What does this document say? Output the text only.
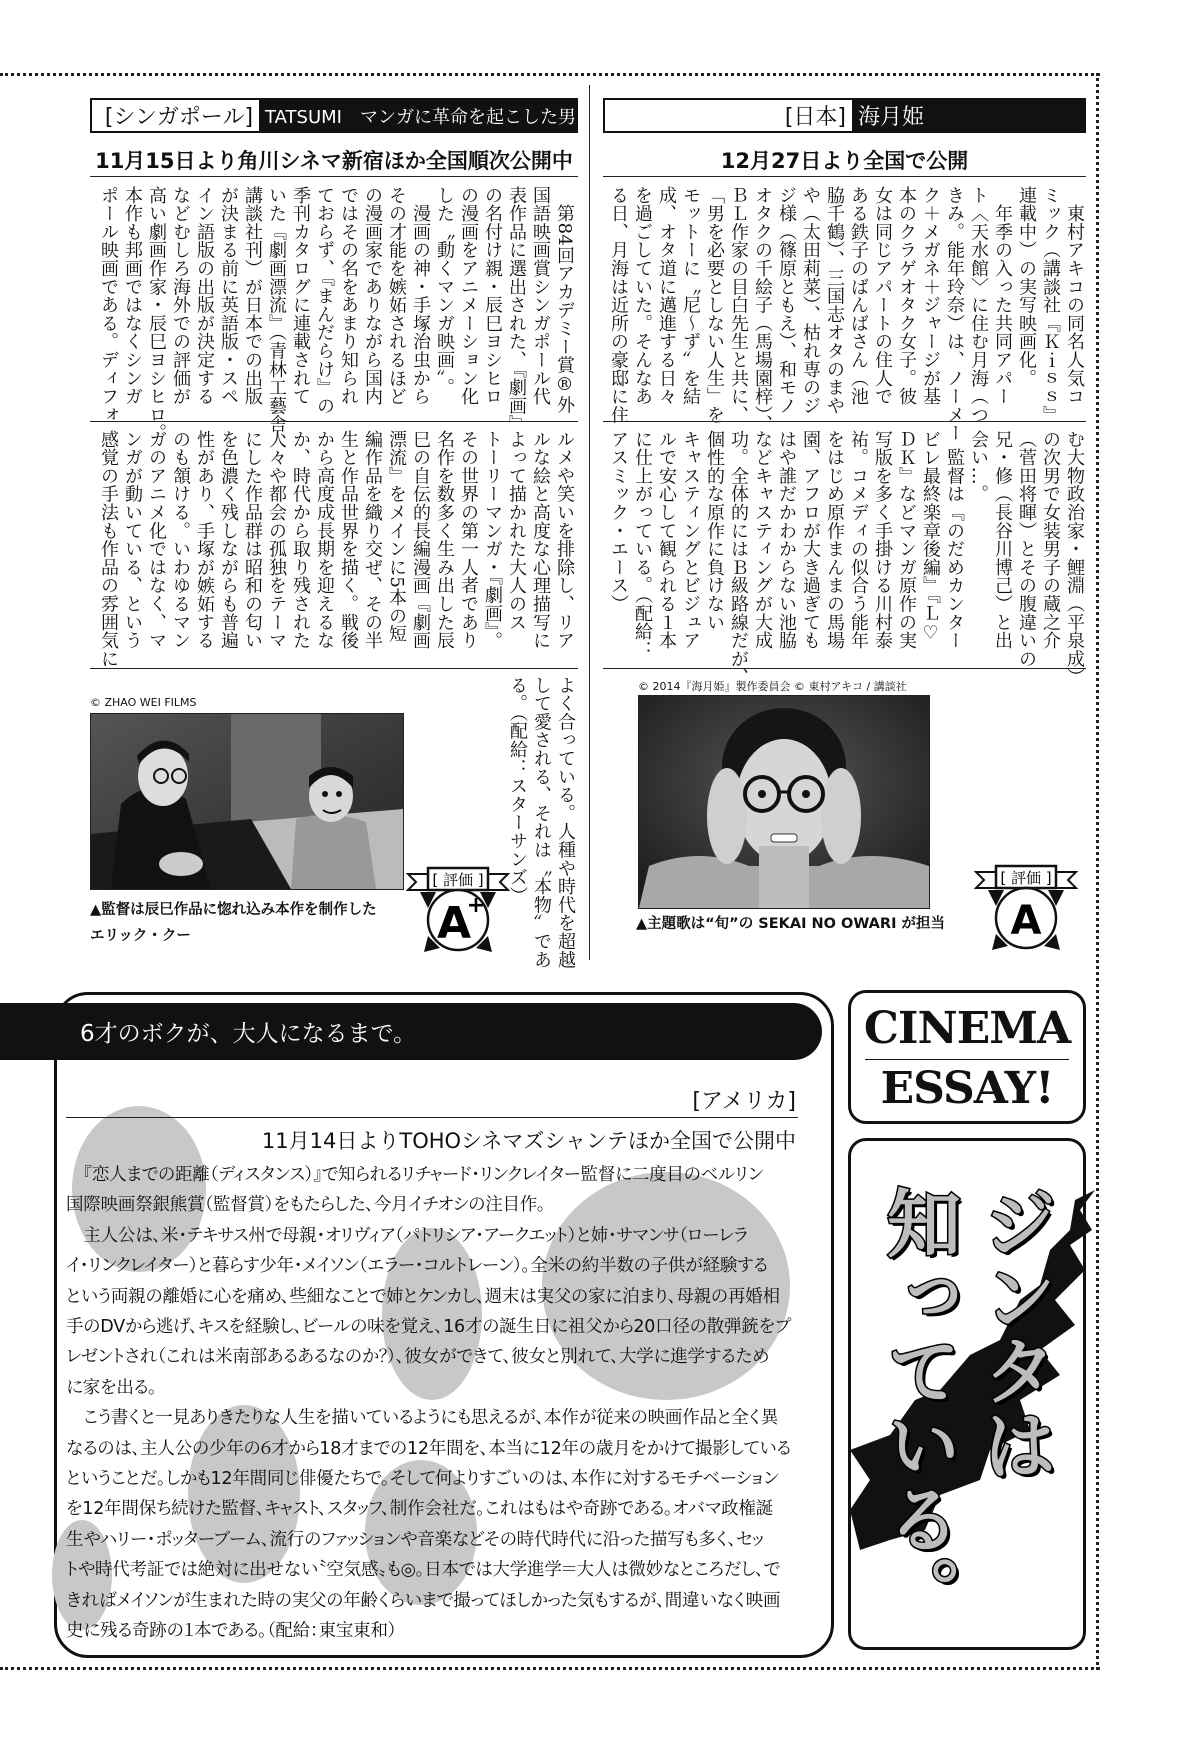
[シンガポール] TATSUMI　マンガに革命を起こした男
11月15日より角川シネマ新宿ほか全国順次公開中
　第84回アカデミー賞®外
国語映画賞シンガポール代
表作品に選出された、『劇画』
の名付け親・辰巳ヨシヒロ
の漫画をアニメーション化
した〝動くマンガ映画〟。
　漫画の神・手塚治虫から
その才能を嫉妬されるほど
の漫画家でありながら国内
ではその名をあまり知られ
ておらず、『まんだらけ』の
季刊カタログに連載されて
いた『劇画漂流』（青林工藝舎、
講談社刊）が日本での出版
が決まる前に英語版・スペ
イン語版の出版が決定する
などむしろ海外での評価が
高い劇画作家・辰巳ヨシヒロ。
本作も邦画ではなくシンガ
ポール映画である。ディフォ
ルメや笑いを排除し、リア
ルな絵と高度な心理描写に
よって描かれた大人のス
トーリーマンガ・『劇画』。
その世界の第一人者であり
名作を数多く生み出した辰
巳の自伝的長編漫画『劇画
漂流』をメインに5本の短
編作品を織り交ぜ、その半
生と作品世界を描く。戦後
から高度成長期を迎えるな
か、時代から取り残された
人々や都会の孤独をテーマ
にした作品群は昭和の匂い
を色濃く残しながらも普遍
性があり、手塚が嫉妬する
のも頷ける。いわゆるマン
ガのアニメ化ではなく、マ
ンガが動いている、という
感覚の手法も作品の雰囲気に
よく合っている。人種や時代を超越
して愛される、それは〝本物〟であ
る。（配給：スターサンズ）
© ZHAO WEI FILMS
▲監督は辰巳作品に惚れ込み本作を制作した
エリック・クー
[ 評価 ]
A
+
[日本] 海月姫
12月27日より全国で公開
　東村アキコの同名人気コ
ミック（講談社『Ｋｉｓｓ』
連載中）の実写映画化。
　年季の入った共同アパー
ト〈天水館〉に住む月海（つ
きみ。能年玲奈）は、ノーメー
ク＋メガネ＋ジャージが基
本のクラゲオタク女子。彼
女は同じアパートの住人で
ある鉄子のばんばさん（池
脇千鶴）、三国志オタのまや
や（太田莉菜）、枯れ専のジ
ジ様（篠原ともえ）、和モノ
オタクの千絵子（馬場園梓）、
ＢＬ作家の目白先生と共に、
「男を必要としない人生」を
モットーに〝尼～ず〟を結
成、オタ道に邁進する日々
を過ごしていた。そんなあ
る日、月海は近所の豪邸に住
む大物政治家・鯉淵（平泉成）
の次男で女装男子の蔵之介
（菅田将暉）とその腹違いの
兄・修（長谷川博己）と出
会い…。
　監督は『のだめカンター
ビレ最終楽章後編』『Ｌ♡
ＤＫ』などマンガ原作の実
写版を多く手掛ける川村泰
祐。コメディの似合う能年
をはじめ原作まんまの馬場
園、アフロが大き過ぎても
はや誰だかわからない池脇
などキャスティングが大成
功。全体的にはＢ級路線だが、
個性的な原作に負けない
キャスティングとビジュア
ルで安心して観られる１本
に仕上がっている。（配給：
アスミック・エース）
© 2014『海月姫』製作委員会 © 東村アキコ / 講談社
▲主題歌は“旬”の SEKAI NO OWARI が担当
[ 評価 ]
A
6才のボクが、大人になるまで。
[アメリカ]
11月14日よりTOHOシネマズシャンテほか全国で公開中
　『恋人までの距離（ディスタンス）』で知られるリチャード・リンクレイター監督に二度目のベルリン
国際映画祭銀熊賞（監督賞）をもたらした、今月イチオシの注目作。
　主人公は、米・テキサス州で母親・オリヴィア（パトリシア・アークエット）と姉・サマンサ（ローレラ
イ・リンクレイター）と暮らす少年・メイソン（エラー・コルトレーン）。全米の約半数の子供が経験する
という両親の離婚に心を痛め、些細なことで姉とケンカし、週末は実父の家に泊まり、母親の再婚相
手のDVから逃げ、キスを経験し、ビールの味を覚え、16才の誕生日に祖父から20口径の散弾銃をプ
レゼントされ（これは米南部あるあるなのか？）、彼女ができて、彼女と別れて、大学に進学するため
に家を出る。
　こう書くと一見ありきたりな人生を描いているようにも思えるが、本作が従来の映画作品と全く異
なるのは、主人公の少年の６才から18才までの12年間を、本当に12年の歳月をかけて撮影している
ということだ。しかも12年間同じ俳優たちで。そして何よりすごいのは、本作に対するモチベーション
を12年間保ち続けた監督、キャスト、スタッフ、制作会社だ。これはもはや奇跡である。オバマ政権誕
生やハリー・ポッターブーム、流行のファッションや音楽などその時代時代に沿った描写も多く、セッ
トや時代考証では絶対に出せない〝空気感〟も◎。日本では大学進学＝大人は微妙なところだし、で
きればメイソンが生まれた時の実父の年齢くらいまで撮ってほしかった気もするが、間違いなく映画
史に残る奇跡の１本である。（配給：東宝東和）
CINEMA
ESSAY!
ジンタは
知っている。
